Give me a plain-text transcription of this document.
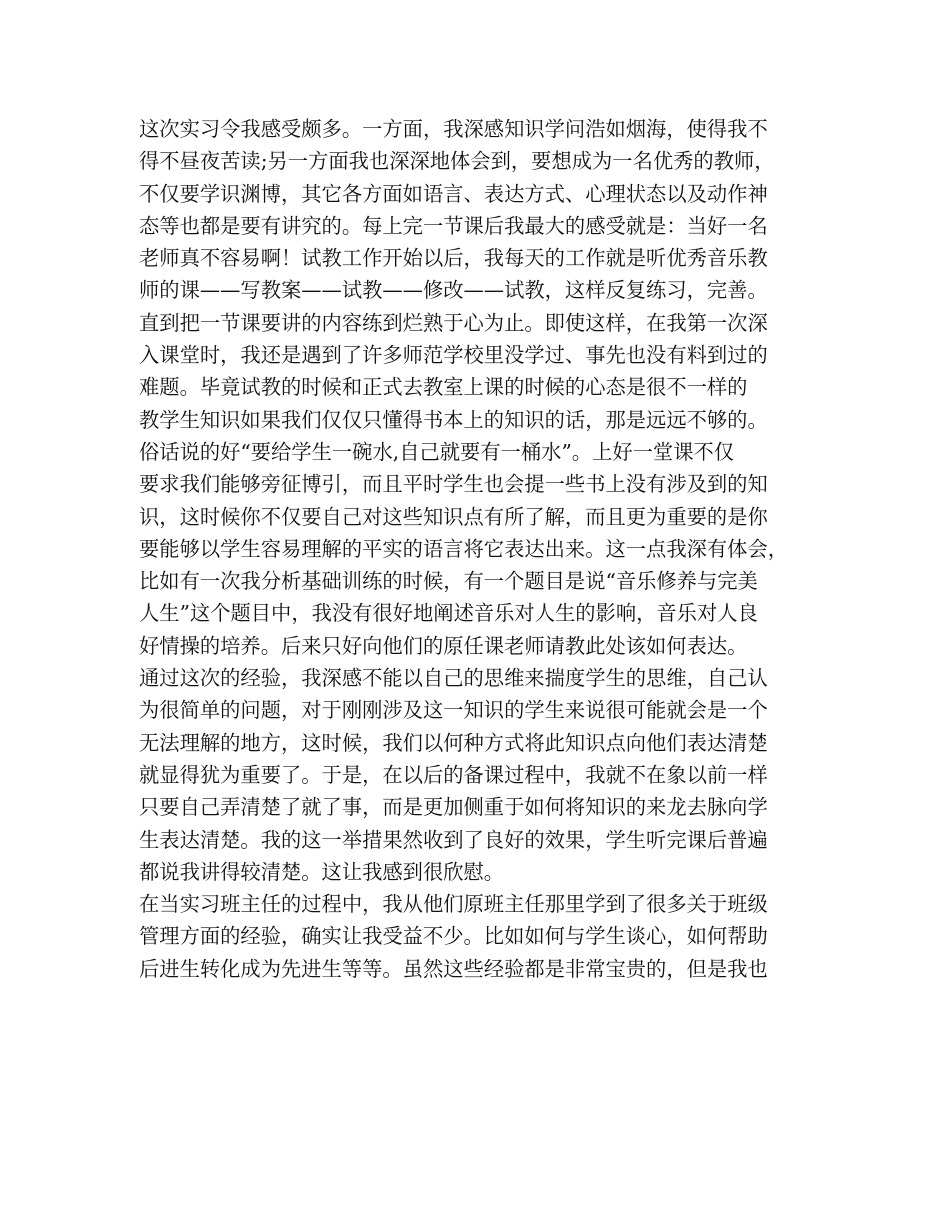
这次实习令我感受颇多。一方面，我深感知识学问浩如烟海，使得我不
得不昼夜苦读;另一方面我也深深地体会到，要想成为一名优秀的教师，
不仅要学识渊博，其它各方面如语言、表达方式、心理状态以及动作神
态等也都是要有讲究的。每上完一节课后我最大的感受就是：当好一名
老师真不容易啊！试教工作开始以后，我每天的工作就是听优秀音乐教
师的课——写教案——试教——修改——试教，这样反复练习，完善。
直到把一节课要讲的内容练到烂熟于心为止。即使这样，在我第一次深
入课堂时，我还是遇到了许多师范学校里没学过、事先也没有料到过的
难题。毕竟试教的时候和正式去教室上课的时候的心态是很不一样的
教学生知识如果我们仅仅只懂得书本上的知识的话，那是远远不够的。
俗话说的好“要给学生一碗水,自己就要有一桶水”。上好一堂课不仅
要求我们能够旁征博引，而且平时学生也会提一些书上没有涉及到的知
识，这时候你不仅要自己对这些知识点有所了解，而且更为重要的是你
要能够以学生容易理解的平实的语言将它表达出来。这一点我深有体会，
比如有一次我分析基础训练的时候，有一个题目是说“音乐修养与完美
人生”这个题目中，我没有很好地阐述音乐对人生的影响，音乐对人良
好情操的培养。后来只好向他们的原任课老师请教此处该如何表达。
通过这次的经验，我深感不能以自己的思维来揣度学生的思维，自己认
为很简单的问题，对于刚刚涉及这一知识的学生来说很可能就会是一个
无法理解的地方，这时候，我们以何种方式将此知识点向他们表达清楚
就显得犹为重要了。于是，在以后的备课过程中，我就不在象以前一样
只要自己弄清楚了就了事，而是更加侧重于如何将知识的来龙去脉向学
生表达清楚。我的这一举措果然收到了良好的效果，学生听完课后普遍
都说我讲得较清楚。这让我感到很欣慰。
在当实习班主任的过程中，我从他们原班主任那里学到了很多关于班级
管理方面的经验，确实让我受益不少。比如如何与学生谈心，如何帮助
后进生转化成为先进生等等。虽然这些经验都是非常宝贵的，但是我也
